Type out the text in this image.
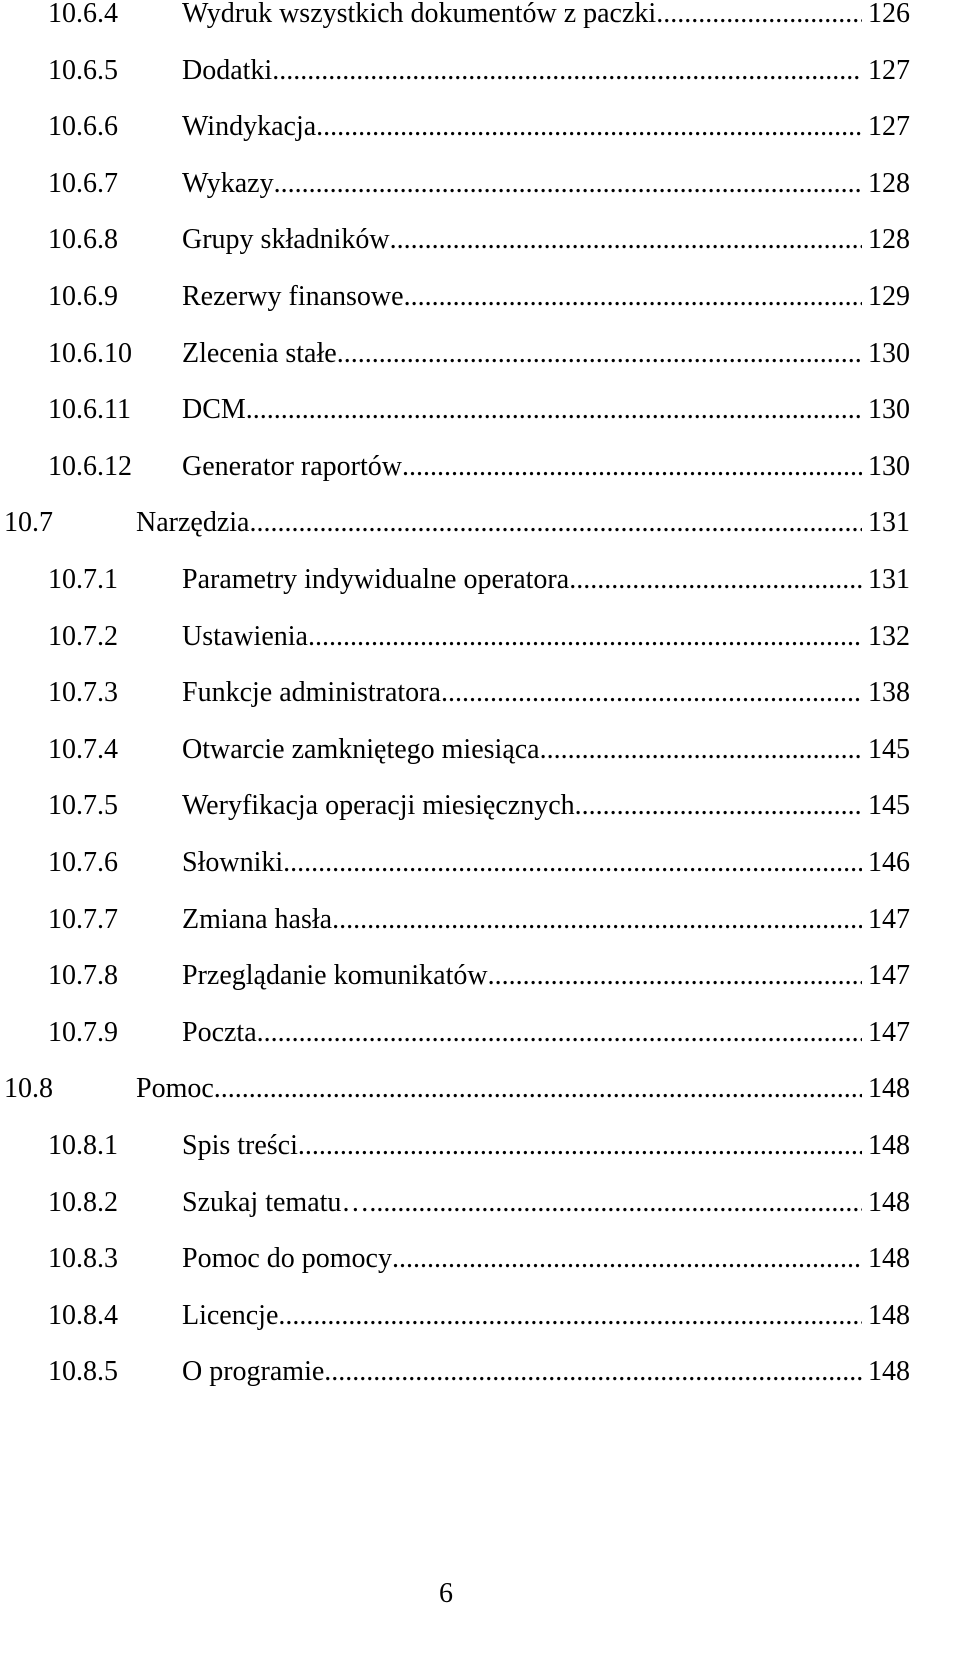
10.6.4	Wydruk wszystkich dokumentów z paczki .....	126
10.6.5	Dodatki .....	127
10.6.6	Windykacja .....	127
10.6.7	Wykazy .....	128
10.6.8	Grupy składników .....	128
10.6.9	Rezerwy finansowe .....	129
10.6.10	Zlecenia stałe .....	130
10.6.11	DCM .....	130
10.6.12	Generator raportów .....	130
10.7	Narzędzia .....	131
10.7.1	Parametry indywidualne operatora .....	131
10.7.2	Ustawienia .....	132
10.7.3	Funkcje administratora .....	138
10.7.4	Otwarcie zamkniętego miesiąca .....	145
10.7.5	Weryfikacja operacji miesięcznych .....	145
10.7.6	Słowniki .....	146
10.7.7	Zmiana hasła .....	147
10.7.8	Przeglądanie komunikatów .....	147
10.7.9	Poczta .....	147
10.8	Pomoc .....	148
10.8.1	Spis treści .....	148
10.8.2	Szukaj tematu… .....	148
10.8.3	Pomoc do pomocy .....	148
10.8.4	Licencje .....	148
10.8.5	O programie .....	148
6
